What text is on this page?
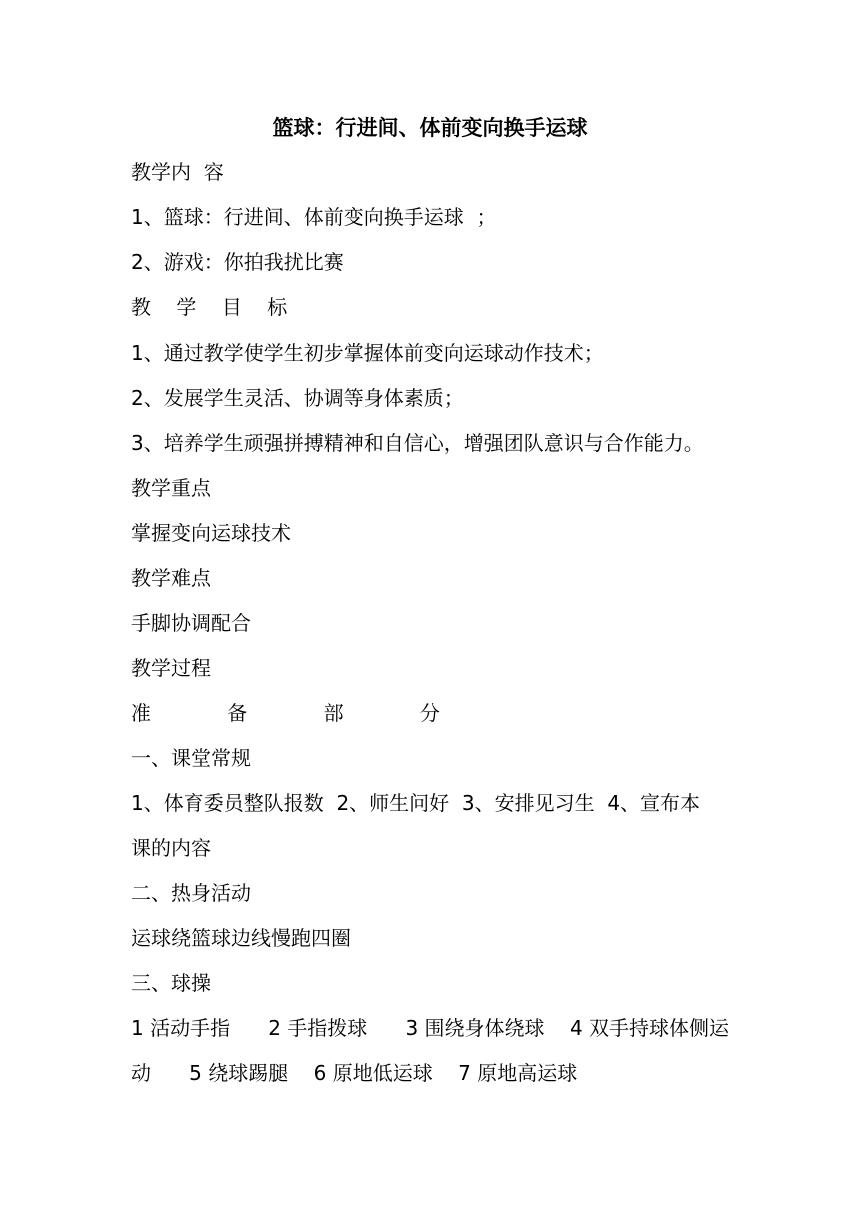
篮球：行进间、体前变向换手运球
教学内  容
1、篮球：行进间、体前变向换手运球  ；
2、游戏：你拍我扰比赛
教    学    目    标
1、通过教学使学生初步掌握体前变向运球动作技术；
2、发展学生灵活、协调等身体素质；
3、培养学生顽强拼搏精神和自信心，增强团队意识与合作能力。
教学重点
掌握变向运球技术
教学难点
手脚协调配合
教学过程
准            备            部            分
一、课堂常规
1、体育委员整队报数  2、师生问好  3、安排见习生  4、宣布本
课的内容
二、热身活动
运球绕篮球边线慢跑四圈
三、球操
1 活动手指      2 手指拨球      3 围绕身体绕球    4 双手持球体侧运
动      5 绕球踢腿    6 原地低运球    7 原地高运球
